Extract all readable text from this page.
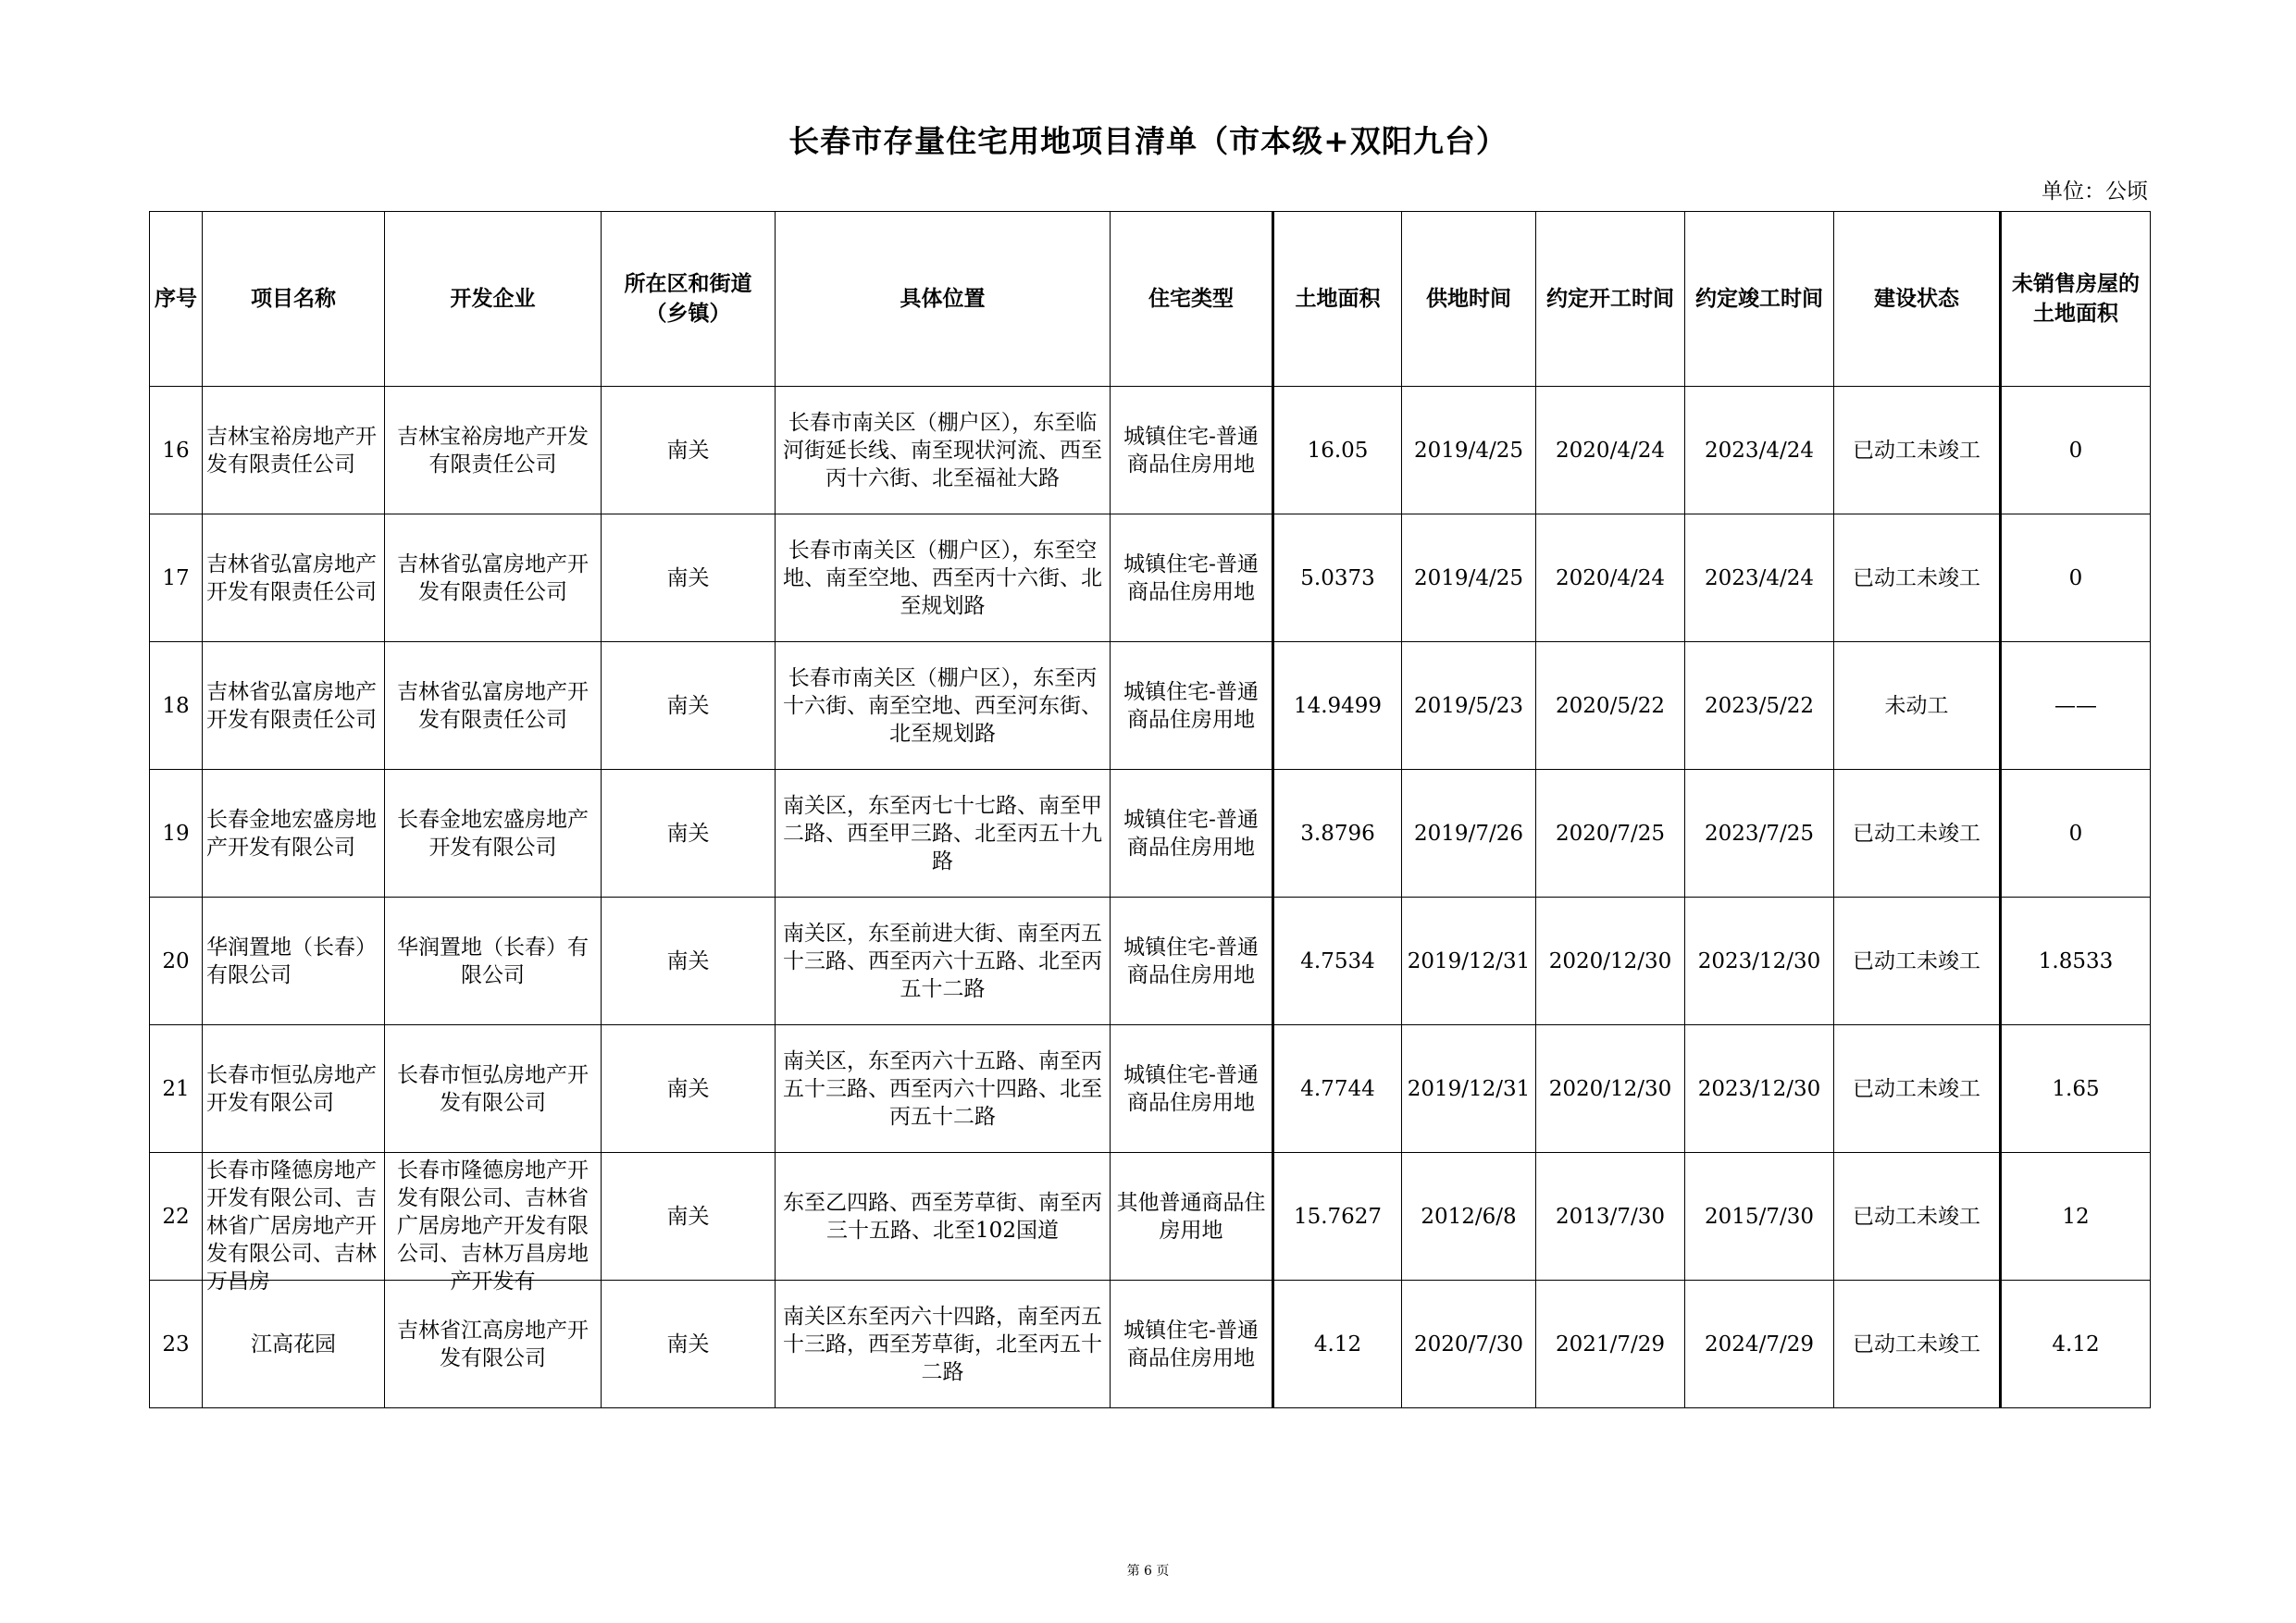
长春市存量住宅用地项目清单（市本级+双阳九台）
单位：公顷
序号	项目名称	开发企业	所在区和街道（乡镇）	具体位置	住宅类型	土地面积	供地时间	约定开工时间	约定竣工时间	建设状态	未销售房屋的土地面积
16	吉林宝裕房地产开发有限责任公司	吉林宝裕房地产开发有限责任公司	南关	长春市南关区（棚户区），东至临河街延长线、南至现状河流、西至丙十六街、北至福祉大路	城镇住宅-普通商品住房用地	16.05	2019/4/25	2020/4/24	2023/4/24	已动工未竣工	0
17	吉林省弘富房地产开发有限责任公司	吉林省弘富房地产开发有限责任公司	南关	长春市南关区（棚户区），东至空地、南至空地、西至丙十六街、北至规划路	城镇住宅-普通商品住房用地	5.0373	2019/4/25	2020/4/24	2023/4/24	已动工未竣工	0
18	吉林省弘富房地产开发有限责任公司	吉林省弘富房地产开发有限责任公司	南关	长春市南关区（棚户区），东至丙十六街、南至空地、西至河东街、北至规划路	城镇住宅-普通商品住房用地	14.9499	2019/5/23	2020/5/22	2023/5/22	未动工	——
19	长春金地宏盛房地产开发有限公司	长春金地宏盛房地产开发有限公司	南关	南关区，东至丙七十七路、南至甲二路、西至甲三路、北至丙五十九路	城镇住宅-普通商品住房用地	3.8796	2019/7/26	2020/7/25	2023/7/25	已动工未竣工	0
20	华润置地（长春）有限公司	华润置地（长春）有限公司	南关	南关区，东至前进大街、南至丙五十三路、西至丙六十五路、北至丙五十二路	城镇住宅-普通商品住房用地	4.7534	2019/12/31	2020/12/30	2023/12/30	已动工未竣工	1.8533
21	长春市恒弘房地产开发有限公司	长春市恒弘房地产开发有限公司	南关	南关区，东至丙六十五路、南至丙五十三路、西至丙六十四路、北至丙五十二路	城镇住宅-普通商品住房用地	4.7744	2019/12/31	2020/12/30	2023/12/30	已动工未竣工	1.65
22	长春市隆德房地产开发有限公司、吉林省广居房地产开发有限公司、吉林万昌房	长春市隆德房地产开发有限公司、吉林省广居房地产开发有限公司、吉林万昌房地产开发有	南关	东至乙四路、西至芳草街、南至丙三十五路、北至102国道	其他普通商品住房用地	15.7627	2012/6/8	2013/7/30	2015/7/30	已动工未竣工	12
23	江高花园	吉林省江高房地产开发有限公司	南关	南关区东至丙六十四路，南至丙五十三路，西至芳草街，北至丙五十二路	城镇住宅-普通商品住房用地	4.12	2020/7/30	2021/7/29	2024/7/29	已动工未竣工	4.12
第 6 页
